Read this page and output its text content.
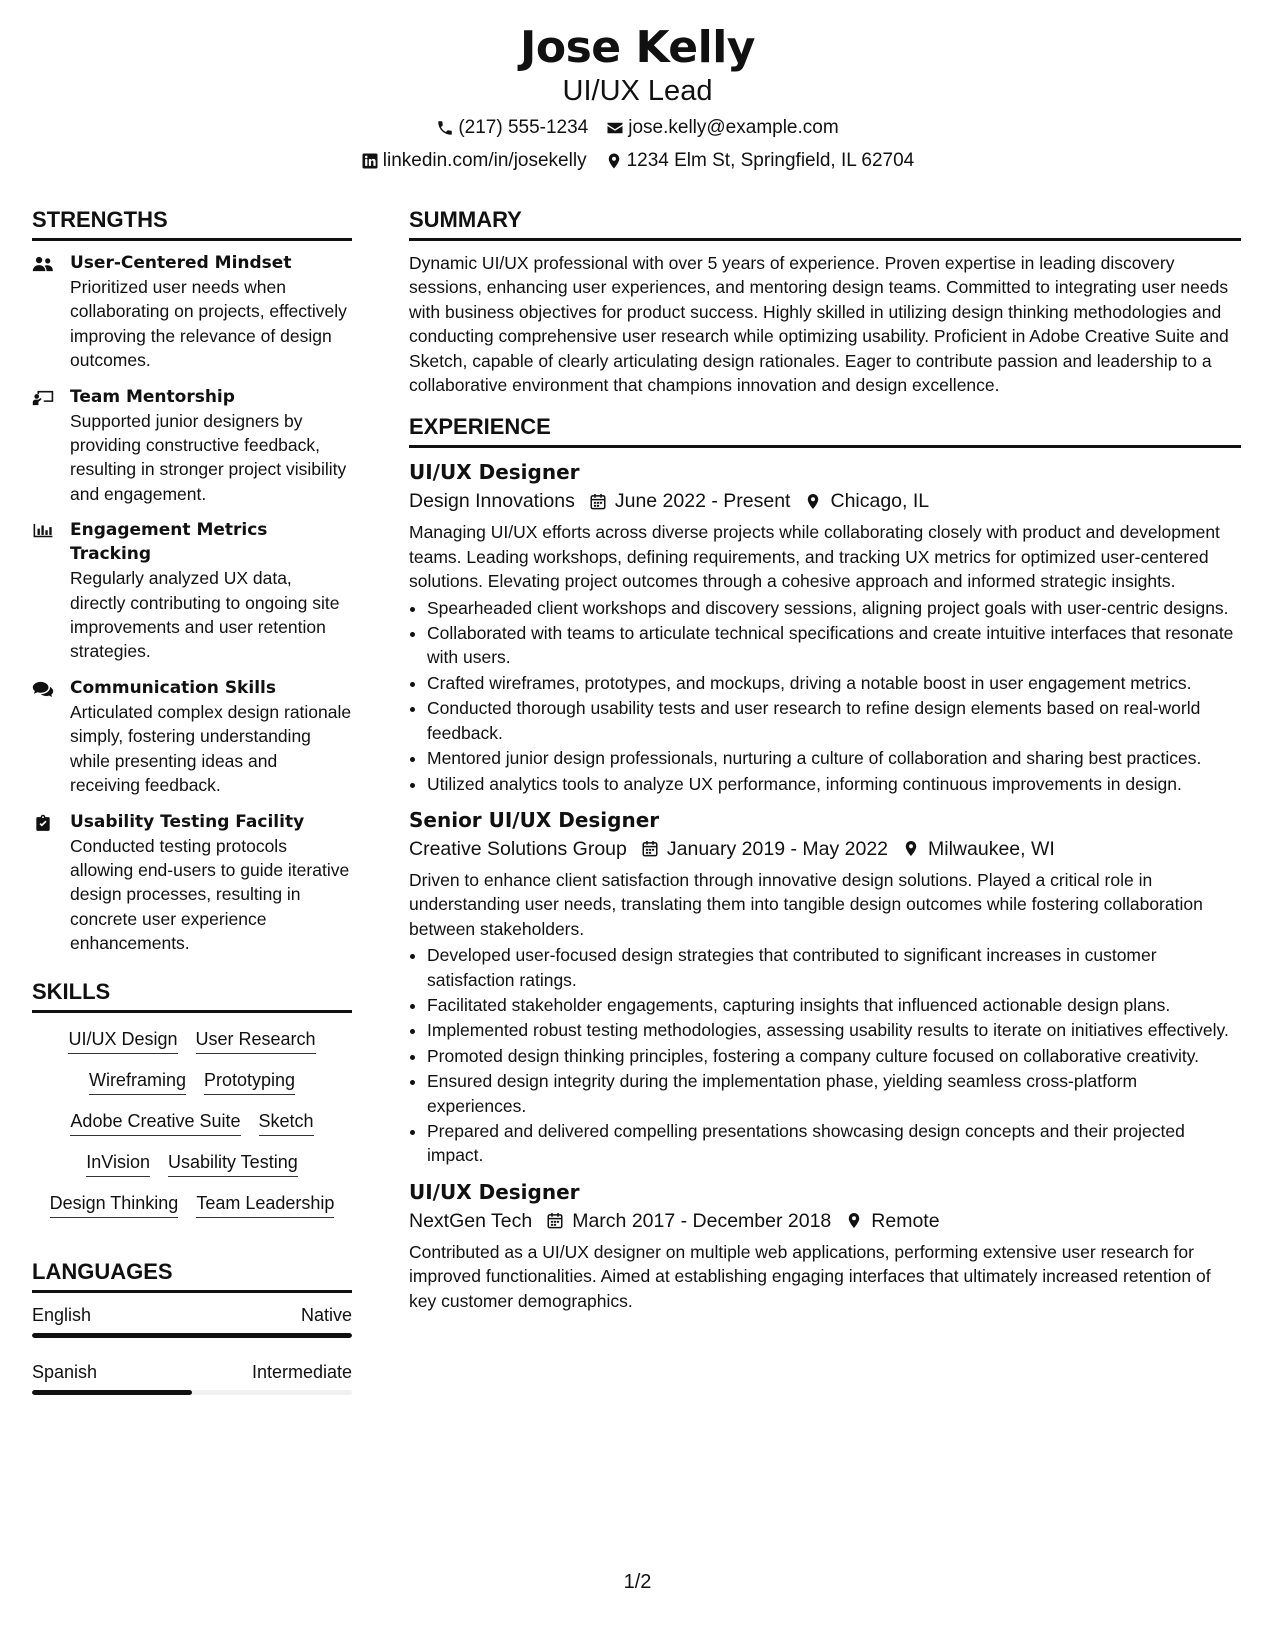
Jose Kelly
UI/UX Lead
(217) 555-1234 jose.kelly@example.com
linkedin.com/in/josekelly 1234 Elm St, Springfield, IL 62704
STRENGTHS
User-Centered Mindset
Prioritized user needs when collaborating on projects, effectively improving the relevance of design outcomes.
Team Mentorship
Supported junior designers by providing constructive feedback, resulting in stronger project visibility and engagement.
Engagement Metrics Tracking
Regularly analyzed UX data, directly contributing to ongoing site improvements and user retention strategies.
Communication Skills
Articulated complex design rationale simply, fostering understanding while presenting ideas and receiving feedback.
Usability Testing Facility
Conducted testing protocols allowing end-users to guide iterative design processes, resulting in concrete user experience enhancements.
SKILLS
UI/UX Design User Research
Wireframing Prototyping
Adobe Creative Suite Sketch
InVision Usability Testing
Design Thinking Team Leadership
LANGUAGES
English	Native
Spanish	Intermediate
SUMMARY
Dynamic UI/UX professional with over 5 years of experience. Proven expertise in leading discovery sessions, enhancing user experiences, and mentoring design teams. Committed to integrating user needs with business objectives for product success. Highly skilled in utilizing design thinking methodologies and conducting comprehensive user research while optimizing usability. Proficient in Adobe Creative Suite and Sketch, capable of clearly articulating design rationales. Eager to contribute passion and leadership to a collaborative environment that champions innovation and design excellence.
EXPERIENCE
UI/UX Designer
Design Innovations June 2022 - Present Chicago, IL
Managing UI/UX efforts across diverse projects while collaborating closely with product and development teams. Leading workshops, defining requirements, and tracking UX metrics for optimized user-centered solutions. Elevating project outcomes through a cohesive approach and informed strategic insights.
• Spearheaded client workshops and discovery sessions, aligning project goals with user-centric designs.
• Collaborated with teams to articulate technical specifications and create intuitive interfaces that resonate with users.
• Crafted wireframes, prototypes, and mockups, driving a notable boost in user engagement metrics.
• Conducted thorough usability tests and user research to refine design elements based on real-world feedback.
• Mentored junior design professionals, nurturing a culture of collaboration and sharing best practices.
• Utilized analytics tools to analyze UX performance, informing continuous improvements in design.
Senior UI/UX Designer
Creative Solutions Group January 2019 - May 2022 Milwaukee, WI
Driven to enhance client satisfaction through innovative design solutions. Played a critical role in understanding user needs, translating them into tangible design outcomes while fostering collaboration between stakeholders.
• Developed user-focused design strategies that contributed to significant increases in customer satisfaction ratings.
• Facilitated stakeholder engagements, capturing insights that influenced actionable design plans.
• Implemented robust testing methodologies, assessing usability results to iterate on initiatives effectively.
• Promoted design thinking principles, fostering a company culture focused on collaborative creativity.
• Ensured design integrity during the implementation phase, yielding seamless cross-platform experiences.
• Prepared and delivered compelling presentations showcasing design concepts and their projected impact.
UI/UX Designer
NextGen Tech March 2017 - December 2018 Remote
Contributed as a UI/UX designer on multiple web applications, performing extensive user research for improved functionalities. Aimed at establishing engaging interfaces that ultimately increased retention of key customer demographics.
1/2
